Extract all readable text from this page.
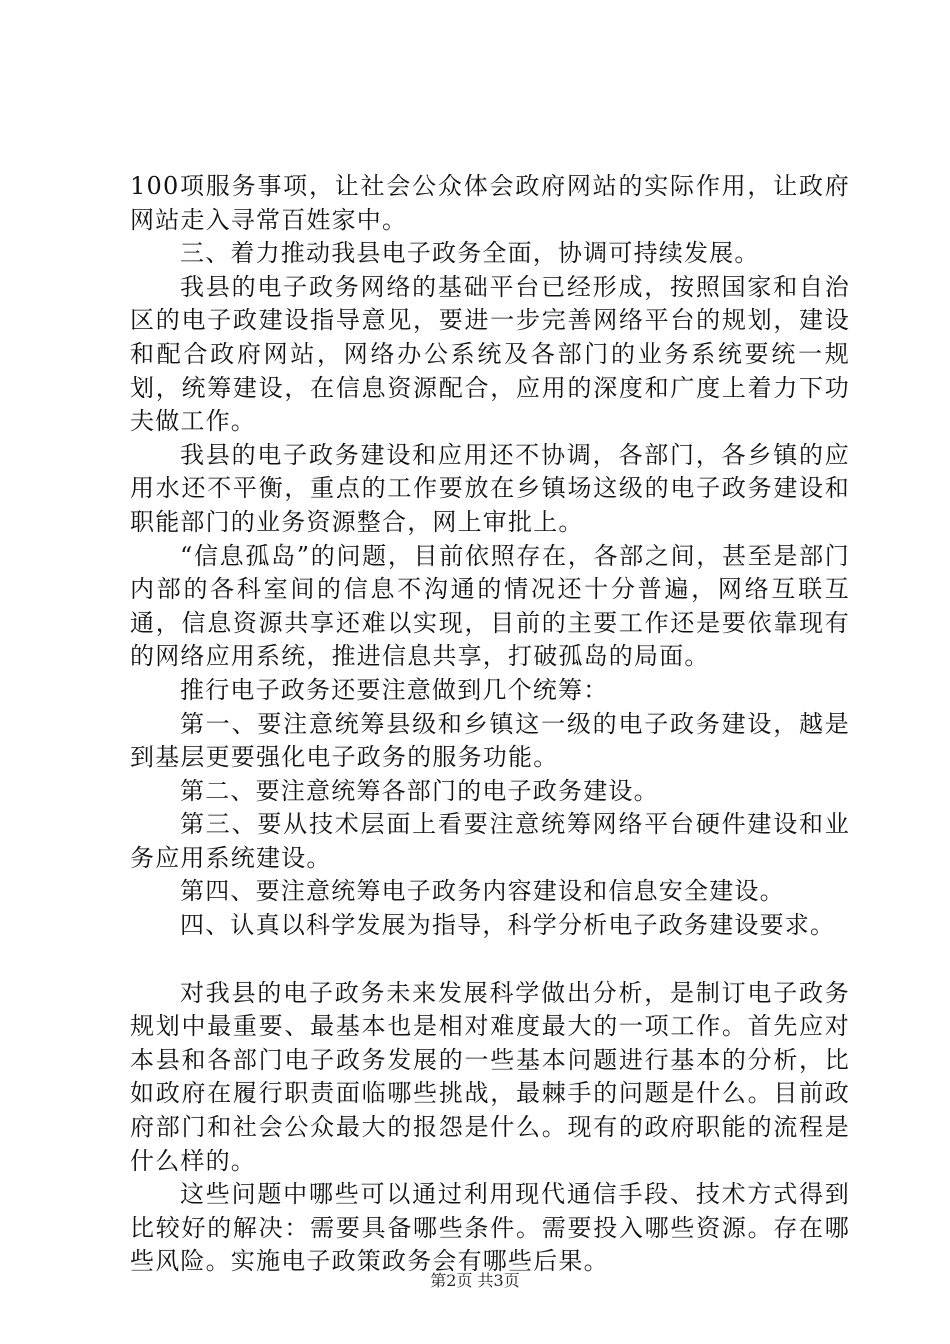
100项服务事项，让社会公众体会政府网站的实际作用，让政府网站走入寻常百姓家中。

三、着力推动我县电子政务全面，协调可持续发展。

我县的电子政务网络的基础平台已经形成，按照国家和自治区的电子政建设指导意见，要进一步完善网络平台的规划，建设和配合政府网站，网络办公系统及各部门的业务系统要统一规划，统筹建设，在信息资源配合，应用的深度和广度上着力下功夫做工作。

我县的电子政务建设和应用还不协调，各部门，各乡镇的应用水还不平衡，重点的工作要放在乡镇场这级的电子政务建设和职能部门的业务资源整合，网上审批上。

“信息孤岛”的问题，目前依照存在，各部之间，甚至是部门内部的各科室间的信息不沟通的情况还十分普遍，网络互联互通，信息资源共享还难以实现，目前的主要工作还是要依靠现有的网络应用系统，推进信息共享，打破孤岛的局面。

推行电子政务还要注意做到几个统筹：

第一、要注意统筹县级和乡镇这一级的电子政务建设，越是到基层更要强化电子政务的服务功能。

第二、要注意统筹各部门的电子政务建设。

第三、要从技术层面上看要注意统筹网络平台硬件建设和业务应用系统建设。

第四、要注意统筹电子政务内容建设和信息安全建设。

四、认真以科学发展为指导，科学分析电子政务建设要求。

对我县的电子政务未来发展科学做出分析，是制订电子政务规划中最重要、最基本也是相对难度最大的一项工作。首先应对本县和各部门电子政务发展的一些基本问题进行基本的分析，比如政府在履行职责面临哪些挑战，最棘手的问题是什么。目前政府部门和社会公众最大的报怨是什么。现有的政府职能的流程是什么样的。

这些问题中哪些可以通过利用现代通信手段、技术方式得到比较好的解决：需要具备哪些条件。需要投入哪些资源。存在哪些风险。实施电子政策政务会有哪些后果。

第2页 共3页
